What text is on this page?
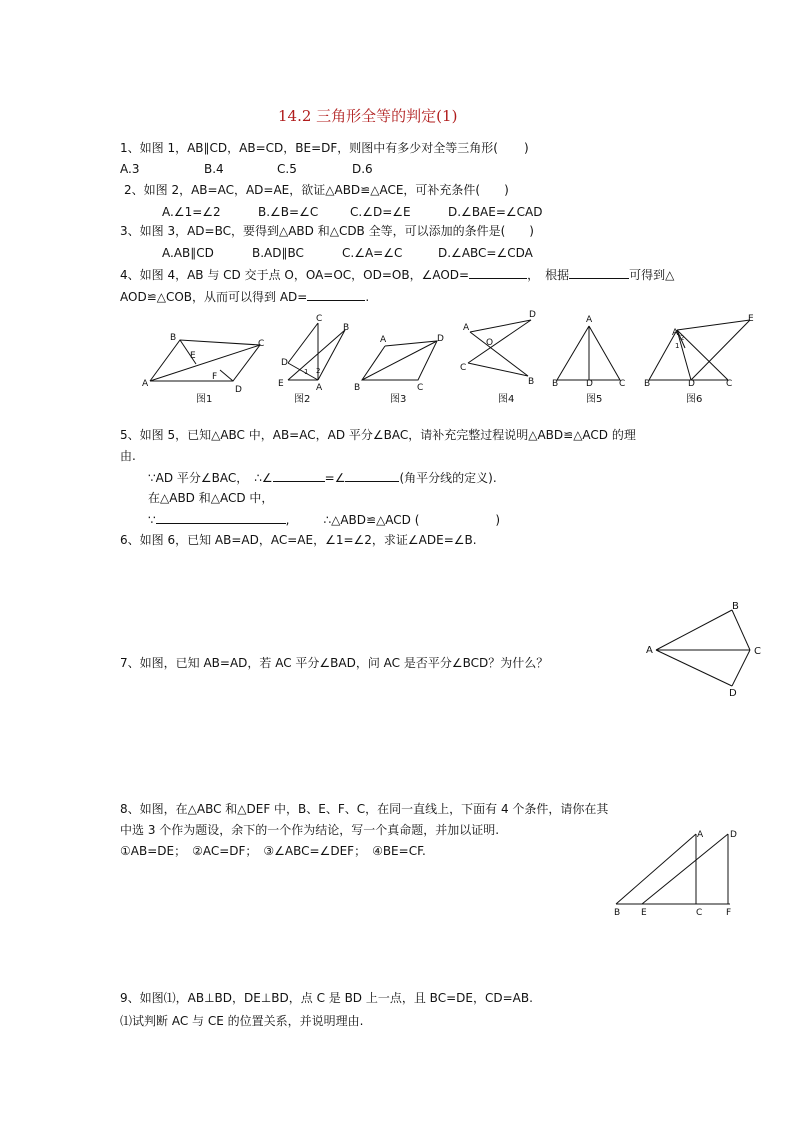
14.2 三角形全等的判定(1)
1、如图 1，AB∥CD，AB=CD，BE=DF，则图中有多少对全等三角形( )
A.3	B.4	C.5	D.6
2、如图 2，AB=AC，AD=AE，欲证△ABD≌△ACE，可补充条件(　　)
A.∠1=∠2	B.∠B=∠C	C.∠D=∠E	D.∠BAE=∠CAD
3、如图 3，AD=BC，要得到△ABD 和△CDB 全等，可以添加的条件是(　　)
A.AB∥CD	B.AD∥BC	C.∠A=∠C	D.∠ABC=∠CDA
4、如图 4，AB 与 CD 交于点 O，OA=OC，OD=OB，∠AOD=	，　根据	可得到△
AOD≌△COB，从而可以得到 AD=	.
B
C
A
D
E
F
C
B
D
E	A
1 2
A	D
B	C
A
D
O
C
B
A
B	D	C
A 2
1
E
B	D	C
图1	图2	图3	图4	图5	图6
5、如图 5，已知△ABC 中，AB=AC，AD 平分∠BAC，请补充完整过程说明△ABD≌△ACD 的理
由.
∵AD 平分∠BAC，　∴∠	=∠	(角平分线的定义).
在△ABD 和△ACD 中，
∵	,	∴△ABD≌△ACD (	)
6、如图 6，已知 AB=AD，AC=AE，∠1=∠2，求证∠ADE=∠B.
B
A	C
D
7、如图，已知 AB=AD，若 AC 平分∠BAD，问 AC 是否平分∠BCD？为什么？
8、如图，在△ABC 和△DEF 中，B、E、F、C，在同一直线上，下面有 4 个条件，请你在其
中选 3 个作为题设，余下的一个作为结论，写一个真命题，并加以证明.
①AB=DE；　②AC=DF；　③∠ABC=∠DEF；　④BE=CF.
B E	C	F
A	D
9、如图⑴，AB⊥BD，DE⊥BD，点 C 是 BD 上一点，且 BC=DE，CD=AB.
⑴试判断 AC 与 CE 的位置关系，并说明理由.
